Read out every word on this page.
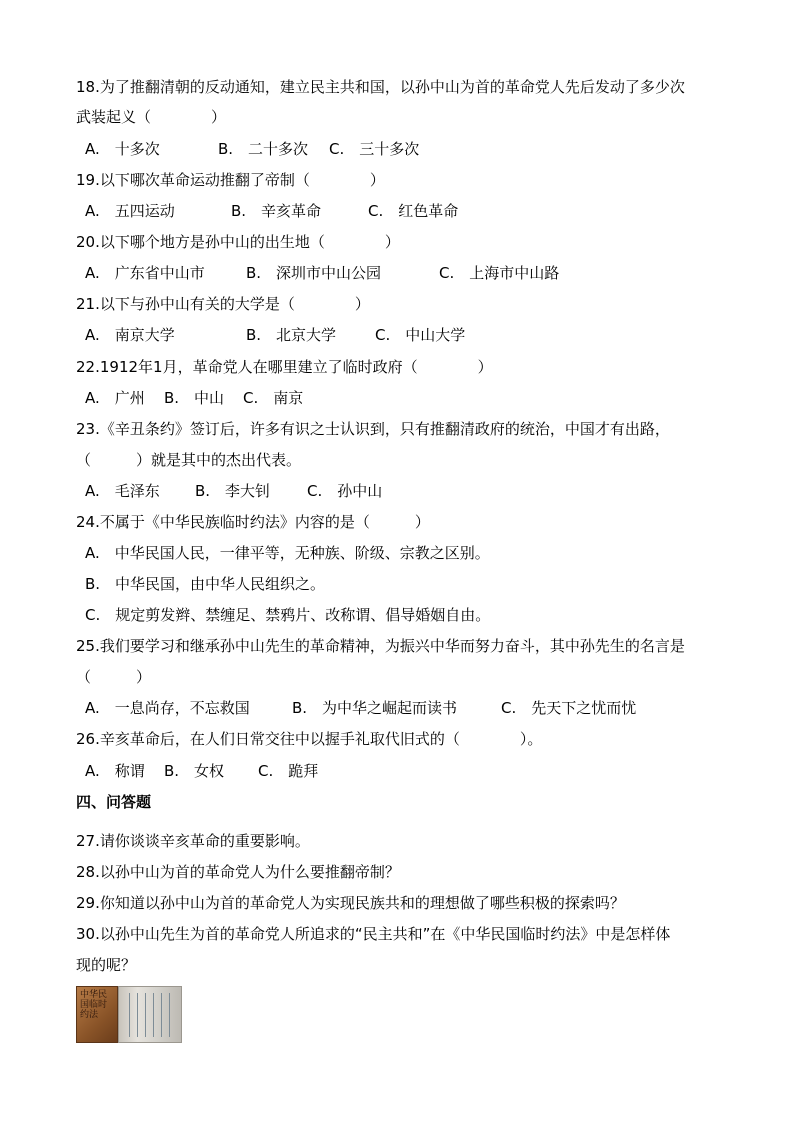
18.为了推翻清朝的反动通知，建立民主共和国，以孙中山为首的革命党人先后发动了多少次
武装起义（　　　　）
A.　十多次	B.　二十多次 C.　三十多次
19.以下哪次革命运动推翻了帝制（　　　　）
A.　五四运动	B.　辛亥革命	C.　红色革命
20.以下哪个地方是孙中山的出生地（　　　　）
A.　广东省中山市	B.　深圳市中山公园	C.　上海市中山路
21.以下与孙中山有关的大学是（　　　　）
A.　南京大学	B.　北京大学	C.　中山大学
22.1912年1月，革命党人在哪里建立了临时政府（　　　　）
A.　广州 B.　中山 C.　南京
23.《辛丑条约》签订后，许多有识之士认识到，只有推翻清政府的统治，中国才有出路，
（　　　）就是其中的杰出代表。
A.　毛泽东 B.　李大钊 C.　孙中山
24.不属于《中华民族临时约法》内容的是（　　　）
A.　中华民国人民，一律平等，无种族、阶级、宗教之区别。
B.　中华民国，由中华人民组织之。
C.　规定剪发辫、禁缠足、禁鸦片、改称谓、倡导婚姻自由。
25.我们要学习和继承孙中山先生的革命精神，为振兴中华而努力奋斗，其中孙先生的名言是
（　　　）
A.　一息尚存，不忘救国	B.　为中华之崛起而读书	C.　先天下之忧而忧
26.辛亥革命后，在人们日常交往中以握手礼取代旧式的（　　　　）。
A.　称谓 B.　女权 C.　跪拜
四、问答题
27.请你谈谈辛亥革命的重要影响。
28.以孙中山为首的革命党人为什么要推翻帝制？
29.你知道以孙中山为首的革命党人为实现民族共和的理想做了哪些积极的探索吗？
30.以孙中山先生为首的革命党人所追求的“民主共和”在《中华民国临时约法》中是怎样体
现的呢？
中华民国临时约法
